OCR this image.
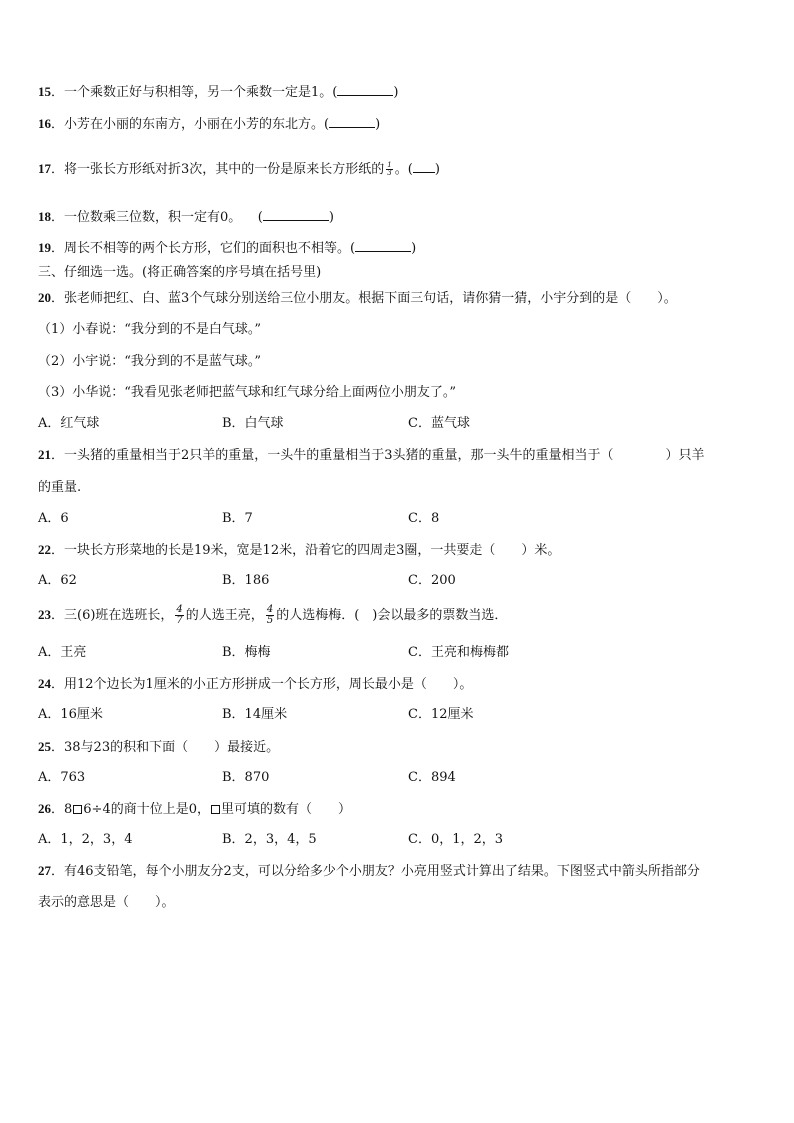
15．一个乘数正好与积相等，另一个乘数一定是1。(	)
16．小芳在小丽的东南方，小丽在小芳的东北方。(	)
17．将一张长方形纸对折3次，其中的一份是原来长方形纸的 $\frac{1}{3}$ 。( )
18．一位数乘三位数，积一定有0。    (	)
19．周长不相等的两个长方形，它们的面积也不相等。(	)
三、仔细选一选。(将正确答案的序号填在括号里)
20．张老师把红、白、蓝3个气球分别送给三位小朋友。根据下面三句话，请你猜一猜，小宇分到的是（　　）。
（1）小春说：“我分到的不是白气球。”
（2）小宇说：“我分到的不是蓝气球。”
（3）小华说：“我看见张老师把蓝气球和红气球分给上面两位小朋友了。”
A．红气球	B．白气球	C．蓝气球
21．一头猪的重量相当于2只羊的重量，一头牛的重量相当于3头猪的重量，那一头牛的重量相当于（　　　　）只羊
的重量.
A．6	B．7	C．8
22．一块长方形菜地的长是19米，宽是12米，沿着它的四周走3圈，一共要走（　　）米。
A．62	B．186	C．200
23．三(6)班在选班长， $\frac{4}{7}$ 的人选王亮， $\frac{4}{5}$ 的人选梅梅．(　)会以最多的票数当选．
A．王亮	B．梅梅	C．王亮和梅梅都
24．用12个边长为1厘米的小正方形拼成一个长方形，周长最小是（　　）。
A．16厘米	B．14厘米	C．12厘米
25．38与23的积和下面（　　）最接近。
A．763	B．870	C．894
26．8 6÷4的商十位上是0， 里可填的数有（　　）
A．1，2，3，4	B．2，3，4，5	C．0，1，2，3
27．有46支铅笔，每个小朋友分2支，可以分给多少个小朋友？小亮用竖式计算出了结果。下图竖式中箭头所指部分
表示的意思是（　　）。
